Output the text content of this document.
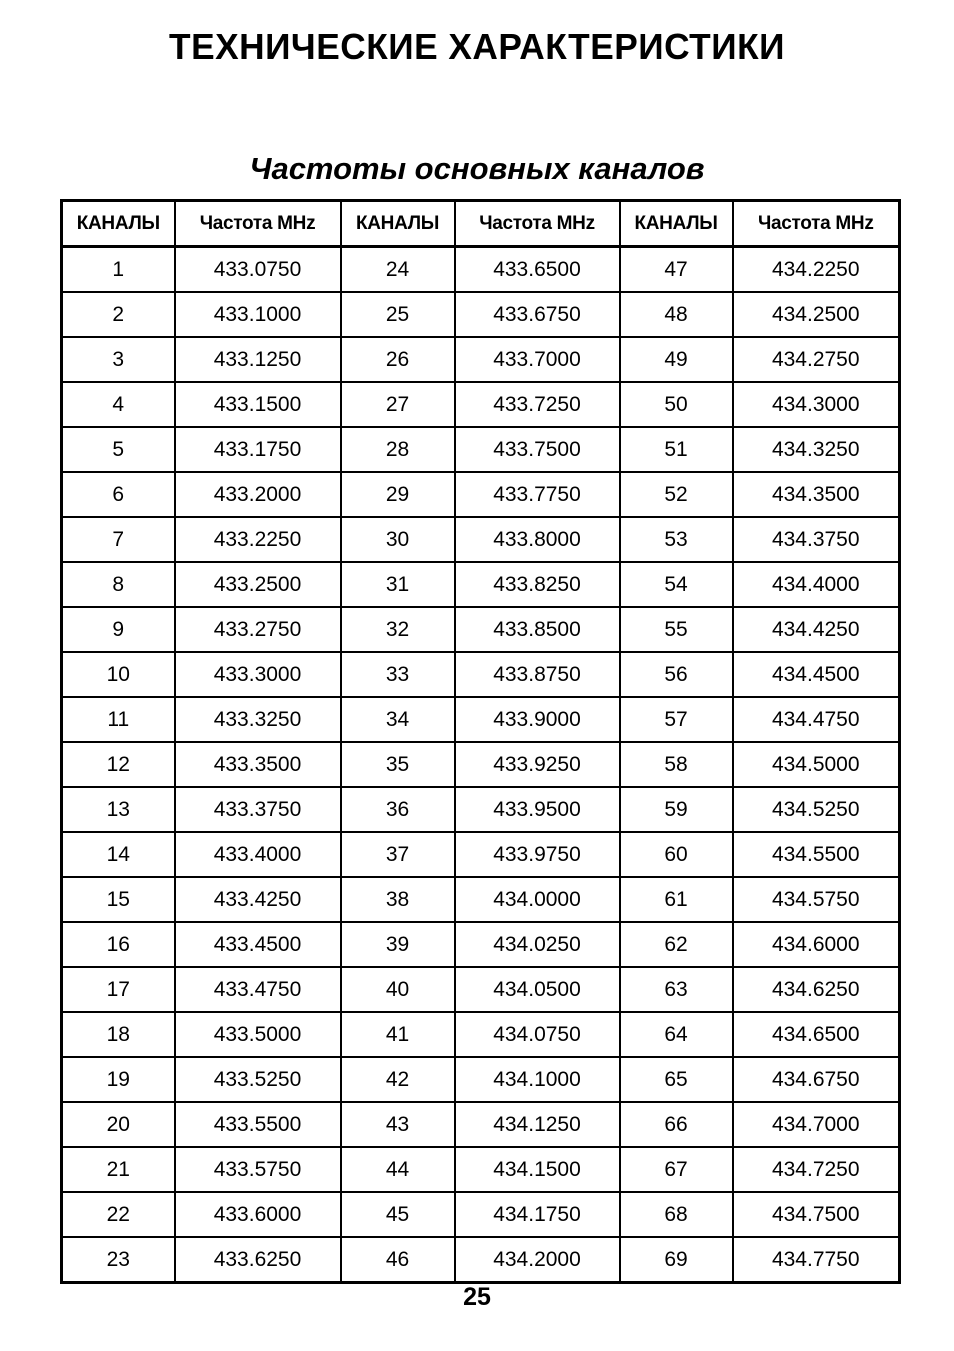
ТЕХНИЧЕСКИЕ ХАРАКТЕРИСТИКИ
Частоты основных каналов
КАНАЛЫ	Частота MHz	КАНАЛЫ	Частота MHz	КАНАЛЫ	Частота MHz
1	433.0750	24	433.6500	47	434.2250
2	433.1000	25	433.6750	48	434.2500
3	433.1250	26	433.7000	49	434.2750
4	433.1500	27	433.7250	50	434.3000
5	433.1750	28	433.7500	51	434.3250
6	433.2000	29	433.7750	52	434.3500
7	433.2250	30	433.8000	53	434.3750
8	433.2500	31	433.8250	54	434.4000
9	433.2750	32	433.8500	55	434.4250
10	433.3000	33	433.8750	56	434.4500
11	433.3250	34	433.9000	57	434.4750
12	433.3500	35	433.9250	58	434.5000
13	433.3750	36	433.9500	59	434.5250
14	433.4000	37	433.9750	60	434.5500
15	433.4250	38	434.0000	61	434.5750
16	433.4500	39	434.0250	62	434.6000
17	433.4750	40	434.0500	63	434.6250
18	433.5000	41	434.0750	64	434.6500
19	433.5250	42	434.1000	65	434.6750
20	433.5500	43	434.1250	66	434.7000
21	433.5750	44	434.1500	67	434.7250
22	433.6000	45	434.1750	68	434.7500
23	433.6250	46	434.2000	69	434.7750
25
